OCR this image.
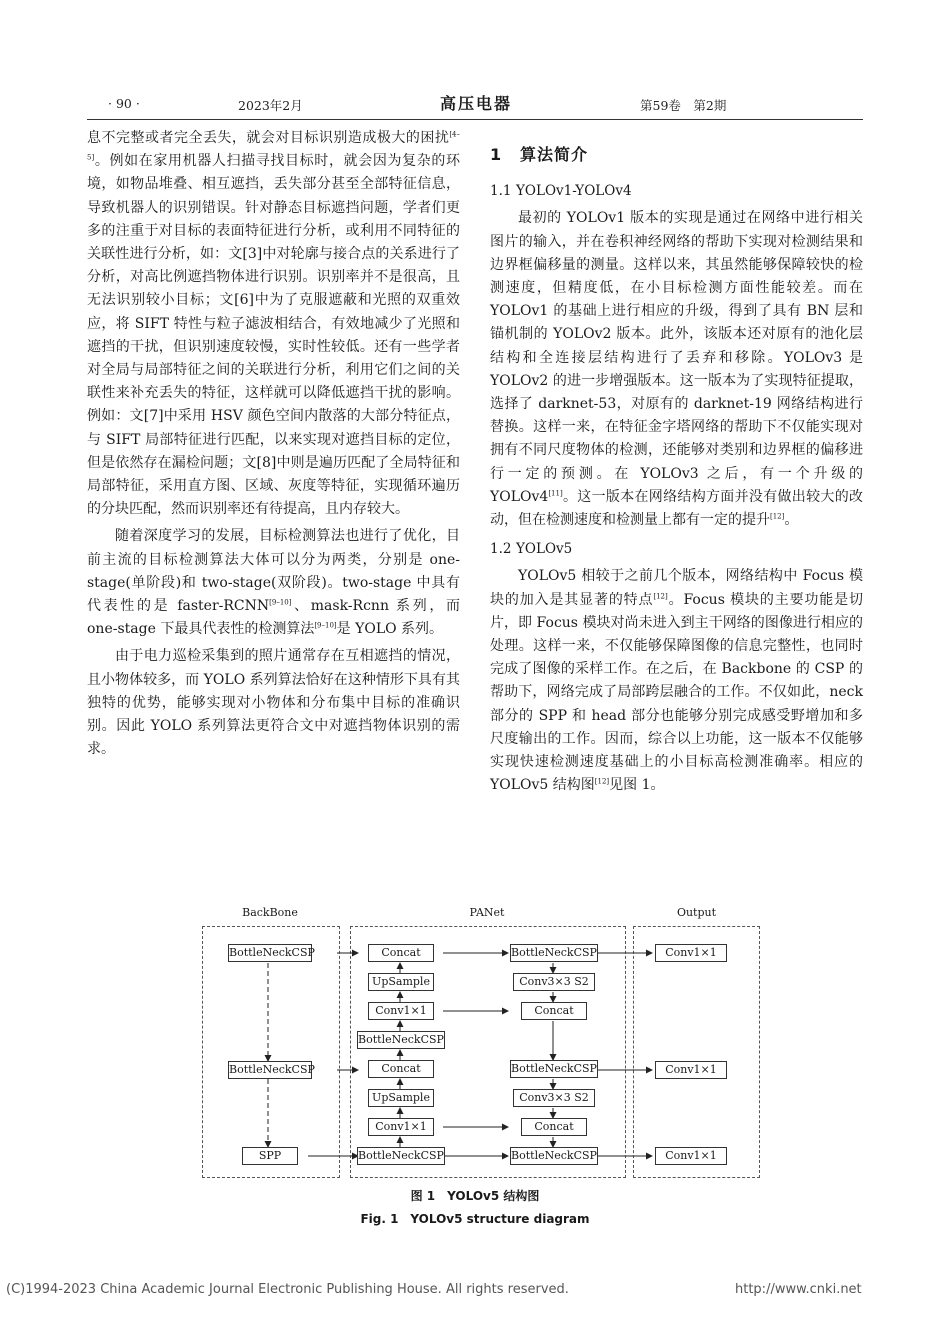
· 90 ·	2023年2月	高压电器	第59卷　第2期

息不完整或者完全丢失，就会对目标识别造成极大的困扰[4–5]。例如在家用机器人扫描寻找目标时，就会因为复杂的环境，如物品堆叠、相互遮挡，丢失部分甚至全部特征信息，导致机器人的识别错误。针对静态目标遮挡问题，学者们更多的注重于对目标的表面特征进行分析，或利用不同特征的关联性进行分析，如：文[3]中对轮廓与接合点的关系进行了分析，对高比例遮挡物体进行识别。识别率并不是很高，且无法识别较小目标；文[6]中为了克服遮蔽和光照的双重效应，将 SIFT 特性与粒子滤波相结合，有效地减少了光照和遮挡的干扰，但识别速度较慢，实时性较低。还有一些学者对全局与局部特征之间的关联进行分析，利用它们之间的关联性来补充丢失的特征，这样就可以降低遮挡干扰的影响。例如：文[7]中采用 HSV 颜色空间内散落的大部分特征点，与 SIFT 局部特征进行匹配，以来实现对遮挡目标的定位，但是依然存在漏检问题；文[8]中则是遍历匹配了全局特征和局部特征，采用直方图、区域、灰度等特征，实现循环遍历的分块匹配，然而识别率还有待提高，且内存较大。

随着深度学习的发展，目标检测算法也进行了优化，目前主流的目标检测算法大体可以分为两类，分别是 one-stage(单阶段)和 two-stage(双阶段)。two-stage 中具有代表性的是 faster-RCNN[9–10]、mask-Rcnn 系列，而 one-stage 下最具代表性的检测算法[9–10]是 YOLO 系列。

由于电力巡检采集到的照片通常存在互相遮挡的情况，且小物体较多，而 YOLO 系列算法恰好在这种情形下具有其独特的优势，能够实现对小物体和分布集中目标的准确识别。因此 YOLO 系列算法更符合文中对遮挡物体识别的需求。

1 算法简介
1.1 YOLOv1-YOLOv4

最初的 YOLOv1 版本的实现是通过在网络中进行相关图片的输入，并在卷积神经网络的帮助下实现对检测结果和边界框偏移量的测量。这样以来，其虽然能够保障较快的检测速度，但精度低，在小目标检测方面性能较差。而在 YOLOv1 的基础上进行相应的升级，得到了具有 BN 层和锚机制的 YOLOv2 版本。此外，该版本还对原有的池化层结构和全连接层结构进行了丢弃和移除。YOLOv3 是 YOLOv2 的进一步增强版本。这一版本为了实现特征提取，选择了 darknet-53，对原有的 darknet-19 网络结构进行替换。这样一来，在特征金字塔网络的帮助下不仅能实现对拥有不同尺度物体的检测，还能够对类别和边界框的偏移进行一定的预测。在 YOLOv3 之后，有一个升级的 YOLOv4[11]。这一版本在网络结构方面并没有做出较大的改动，但在检测速度和检测量上都有一定的提升[12]。

1.2 YOLOv5

YOLOv5 相较于之前几个版本，网络结构中 Focus 模块的加入是其显著的特点[12]。Focus 模块的主要功能是切片，即 Focus 模块对尚未进入到主干网络的图像进行相应的处理。这样一来，不仅能够保障图像的信息完整性，也同时完成了图像的采样工作。在之后，在 Backbone 的 CSP 的帮助下，网络完成了局部跨层融合的工作。不仅如此，neck 部分的 SPP 和 head 部分也能够分别完成感受野增加和多尺度输出的工作。因而，综合以上功能，这一版本不仅能够实现快速检测速度基础上的小目标高检测准确率。相应的 YOLOv5 结构图[12]见图 1。

BackBone	PANet	Output
BottleNeckCSP
BottleNeckCSP
SPP
Concat
UpSample
Conv1×1
BottleNeckCSP
Concat
UpSample
Conv1×1
BottleNeckCSP
BottleNeckCSP
Conv3×3 S2
Concat
BottleNeckCSP
Conv3×3 S2
Concat
BottleNeckCSP
Conv1×1
Conv1×1
Conv1×1
图 1　YOLOv5 结构图
Fig. 1　YOLOv5 structure diagram
(C)1994-2023 China Academic Journal Electronic Publishing House. All rights reserved.	http://www.cnki.net
